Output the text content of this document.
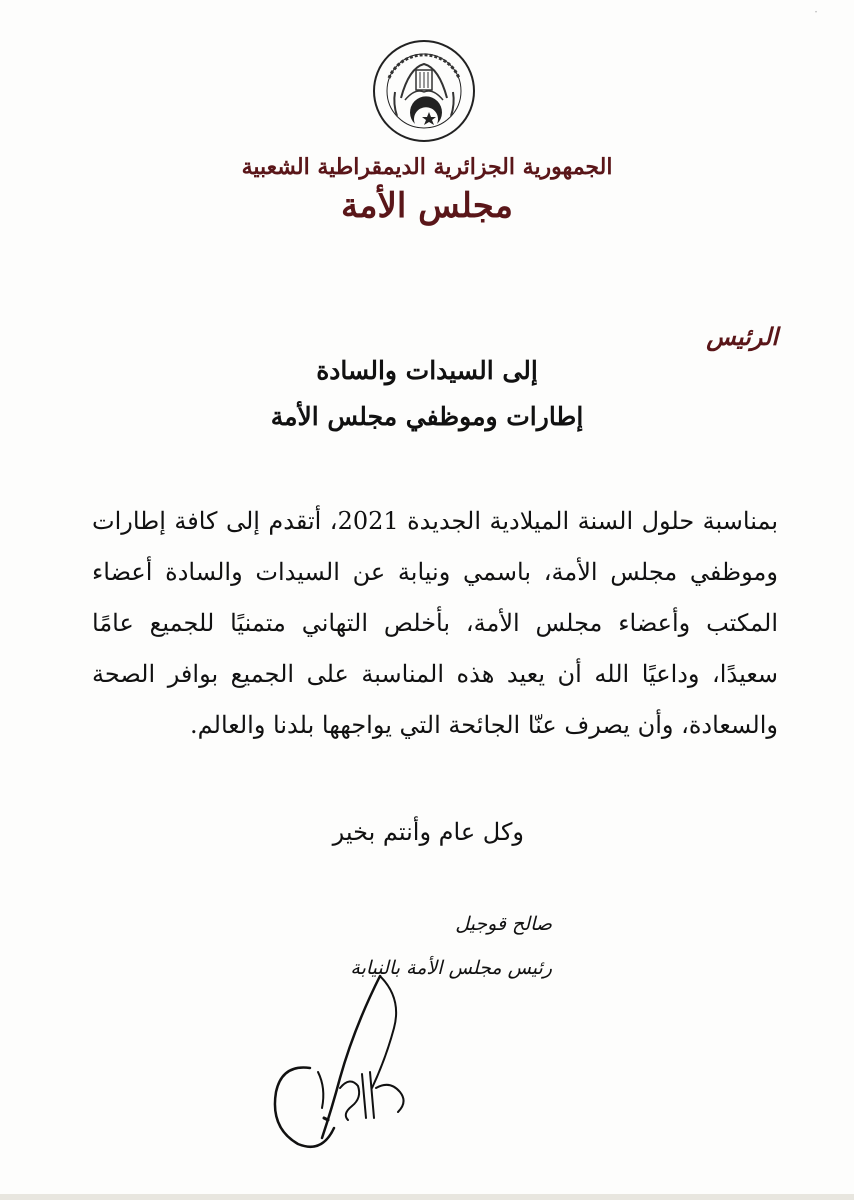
·
الجمهورية الجزائرية الديمقراطية الشعبية
مجلس الأمة
الرئيس
إلى السيدات والسادة
إطارات وموظفي مجلس الأمة

بمناسبة حلول السنة الميلادية الجديدة 2021، أتقدم إلى كافة إطارات وموظفي مجلس الأمة، باسمي ونيابة عن السيدات والسادة أعضاء المكتب وأعضاء مجلس الأمة، بأخلص التهاني متمنيًا للجميع عامًا سعيدًا، وداعيًا الله أن يعيد هذه المناسبة على الجميع بوافر الصحة والسعادة، وأن يصرف عنّا الجائحة التي يواجهها بلدنا والعالم.

وكل عام وأنتم بخير
صالح قوجيل
رئيس مجلس الأمة بالنيابة
